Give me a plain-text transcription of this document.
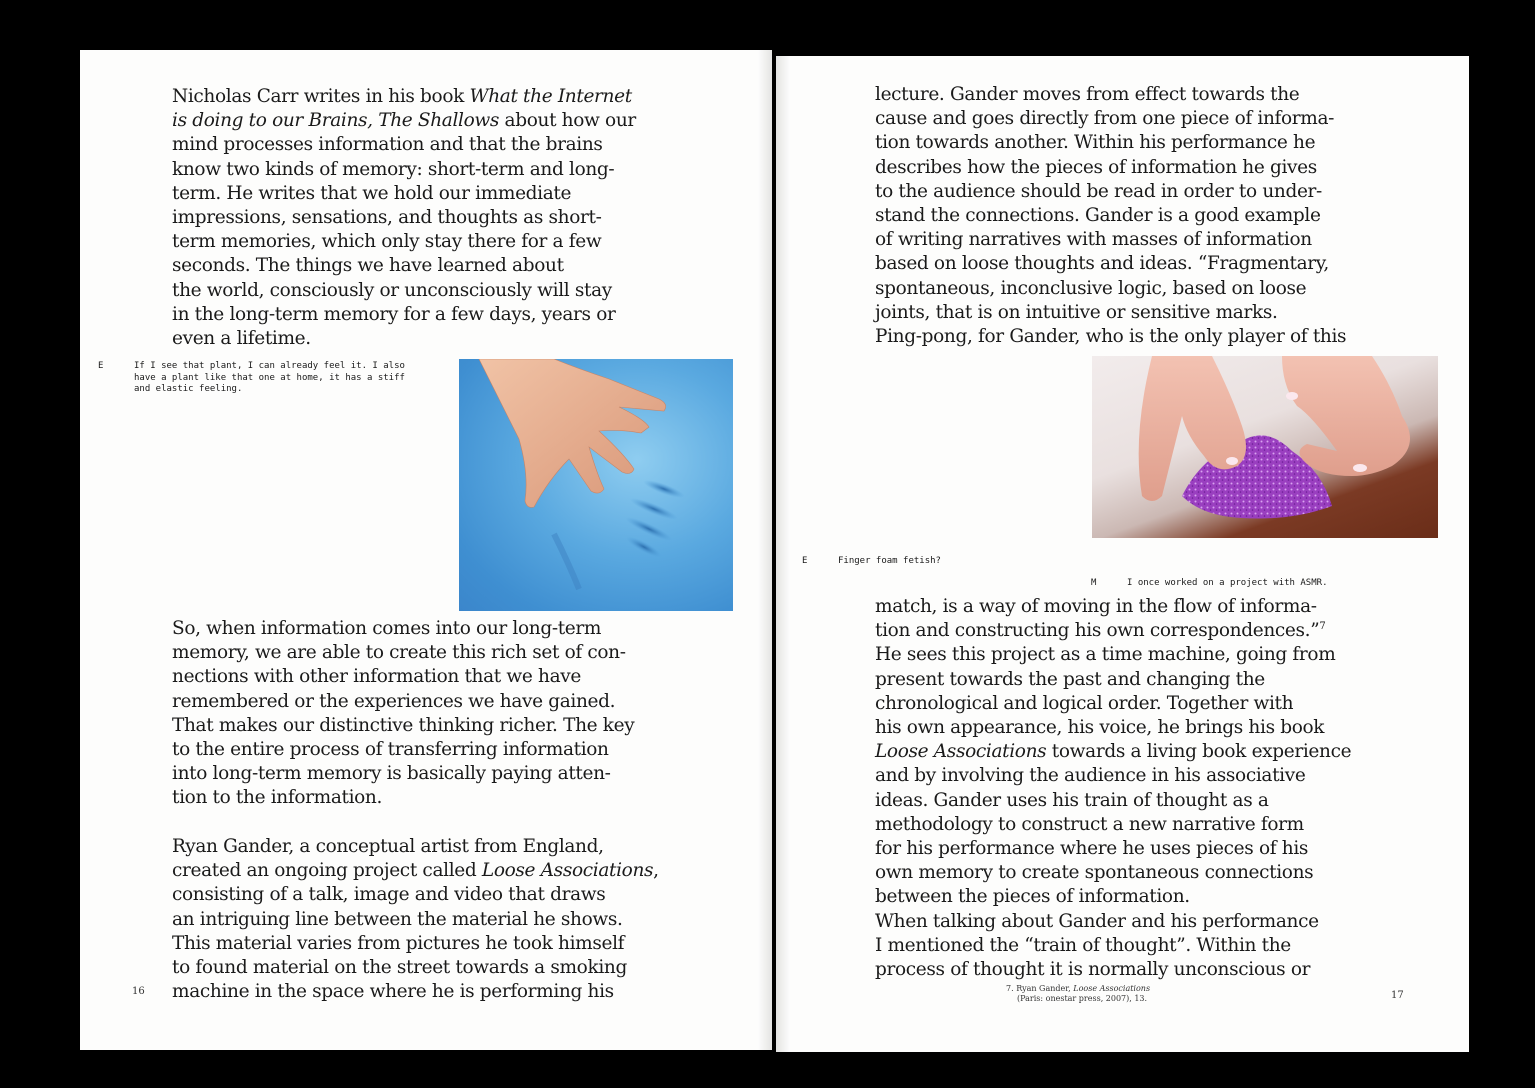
Nicholas Carr writes in his book What the Internet
is doing to our Brains, The Shallows about how our
mind processes information and that the brains
know two kinds of memory: short-term and long-
term. He writes that we hold our immediate
impressions, sensations, and thoughts as short-
term memories, which only stay there for a few
seconds. The things we have learned about
the world, consciously or unconsciously will stay
in the long-term memory for a few days, years or
even a lifetime.
E	If I see that plant, I can already feel it. I also
have a plant like that one at home, it has a stiff
and elastic feeling.
So, when information comes into our long-term
memory, we are able to create this rich set of con-
nections with other information that we have
remembered or the experiences we have gained.
That makes our distinctive thinking richer. The key
to the entire process of transferring information
into long-term memory is basically paying atten-
tion to the information.
Ryan Gander, a conceptual artist from England,
created an ongoing project called Loose Associations,
consisting of a talk, image and video that draws
an intriguing line between the material he shows.
This material varies from pictures he took himself
to found material on the street towards a smoking
machine in the space where he is performing his
16
lecture. Gander moves from effect towards the
cause and goes directly from one piece of informa-
tion towards another. Within his performance he
describes how the pieces of information he gives
to the audience should be read in order to under-
stand the connections. Gander is a good example
of writing narratives with masses of information
based on loose thoughts and ideas. “Fragmentary,
spontaneous, inconclusive logic, based on loose
joints, that is on intuitive or sensitive marks.
Ping-pong, for Gander, who is the only player of this
E	Finger foam fetish?
M	I once worked on a project with ASMR.
match, is a way of moving in the flow of informa-
tion and constructing his own correspondences.”$^7$
He sees this project as a time machine, going from
present towards the past and changing the
chronological and logical order. Together with
his own appearance, his voice, he brings his book
Loose Associations towards a living book experience
and by involving the audience in his associative
ideas. Gander uses his train of thought as a
methodology to construct a new narrative form
for his performance where he uses pieces of his
own memory to create spontaneous connections
between the pieces of information.
When talking about Gander and his performance
I mentioned the “train of thought”. Within the
process of thought it is normally unconscious or
7. Ryan Gander, Loose Associations
(Paris: onestar press, 2007), 13.	17
